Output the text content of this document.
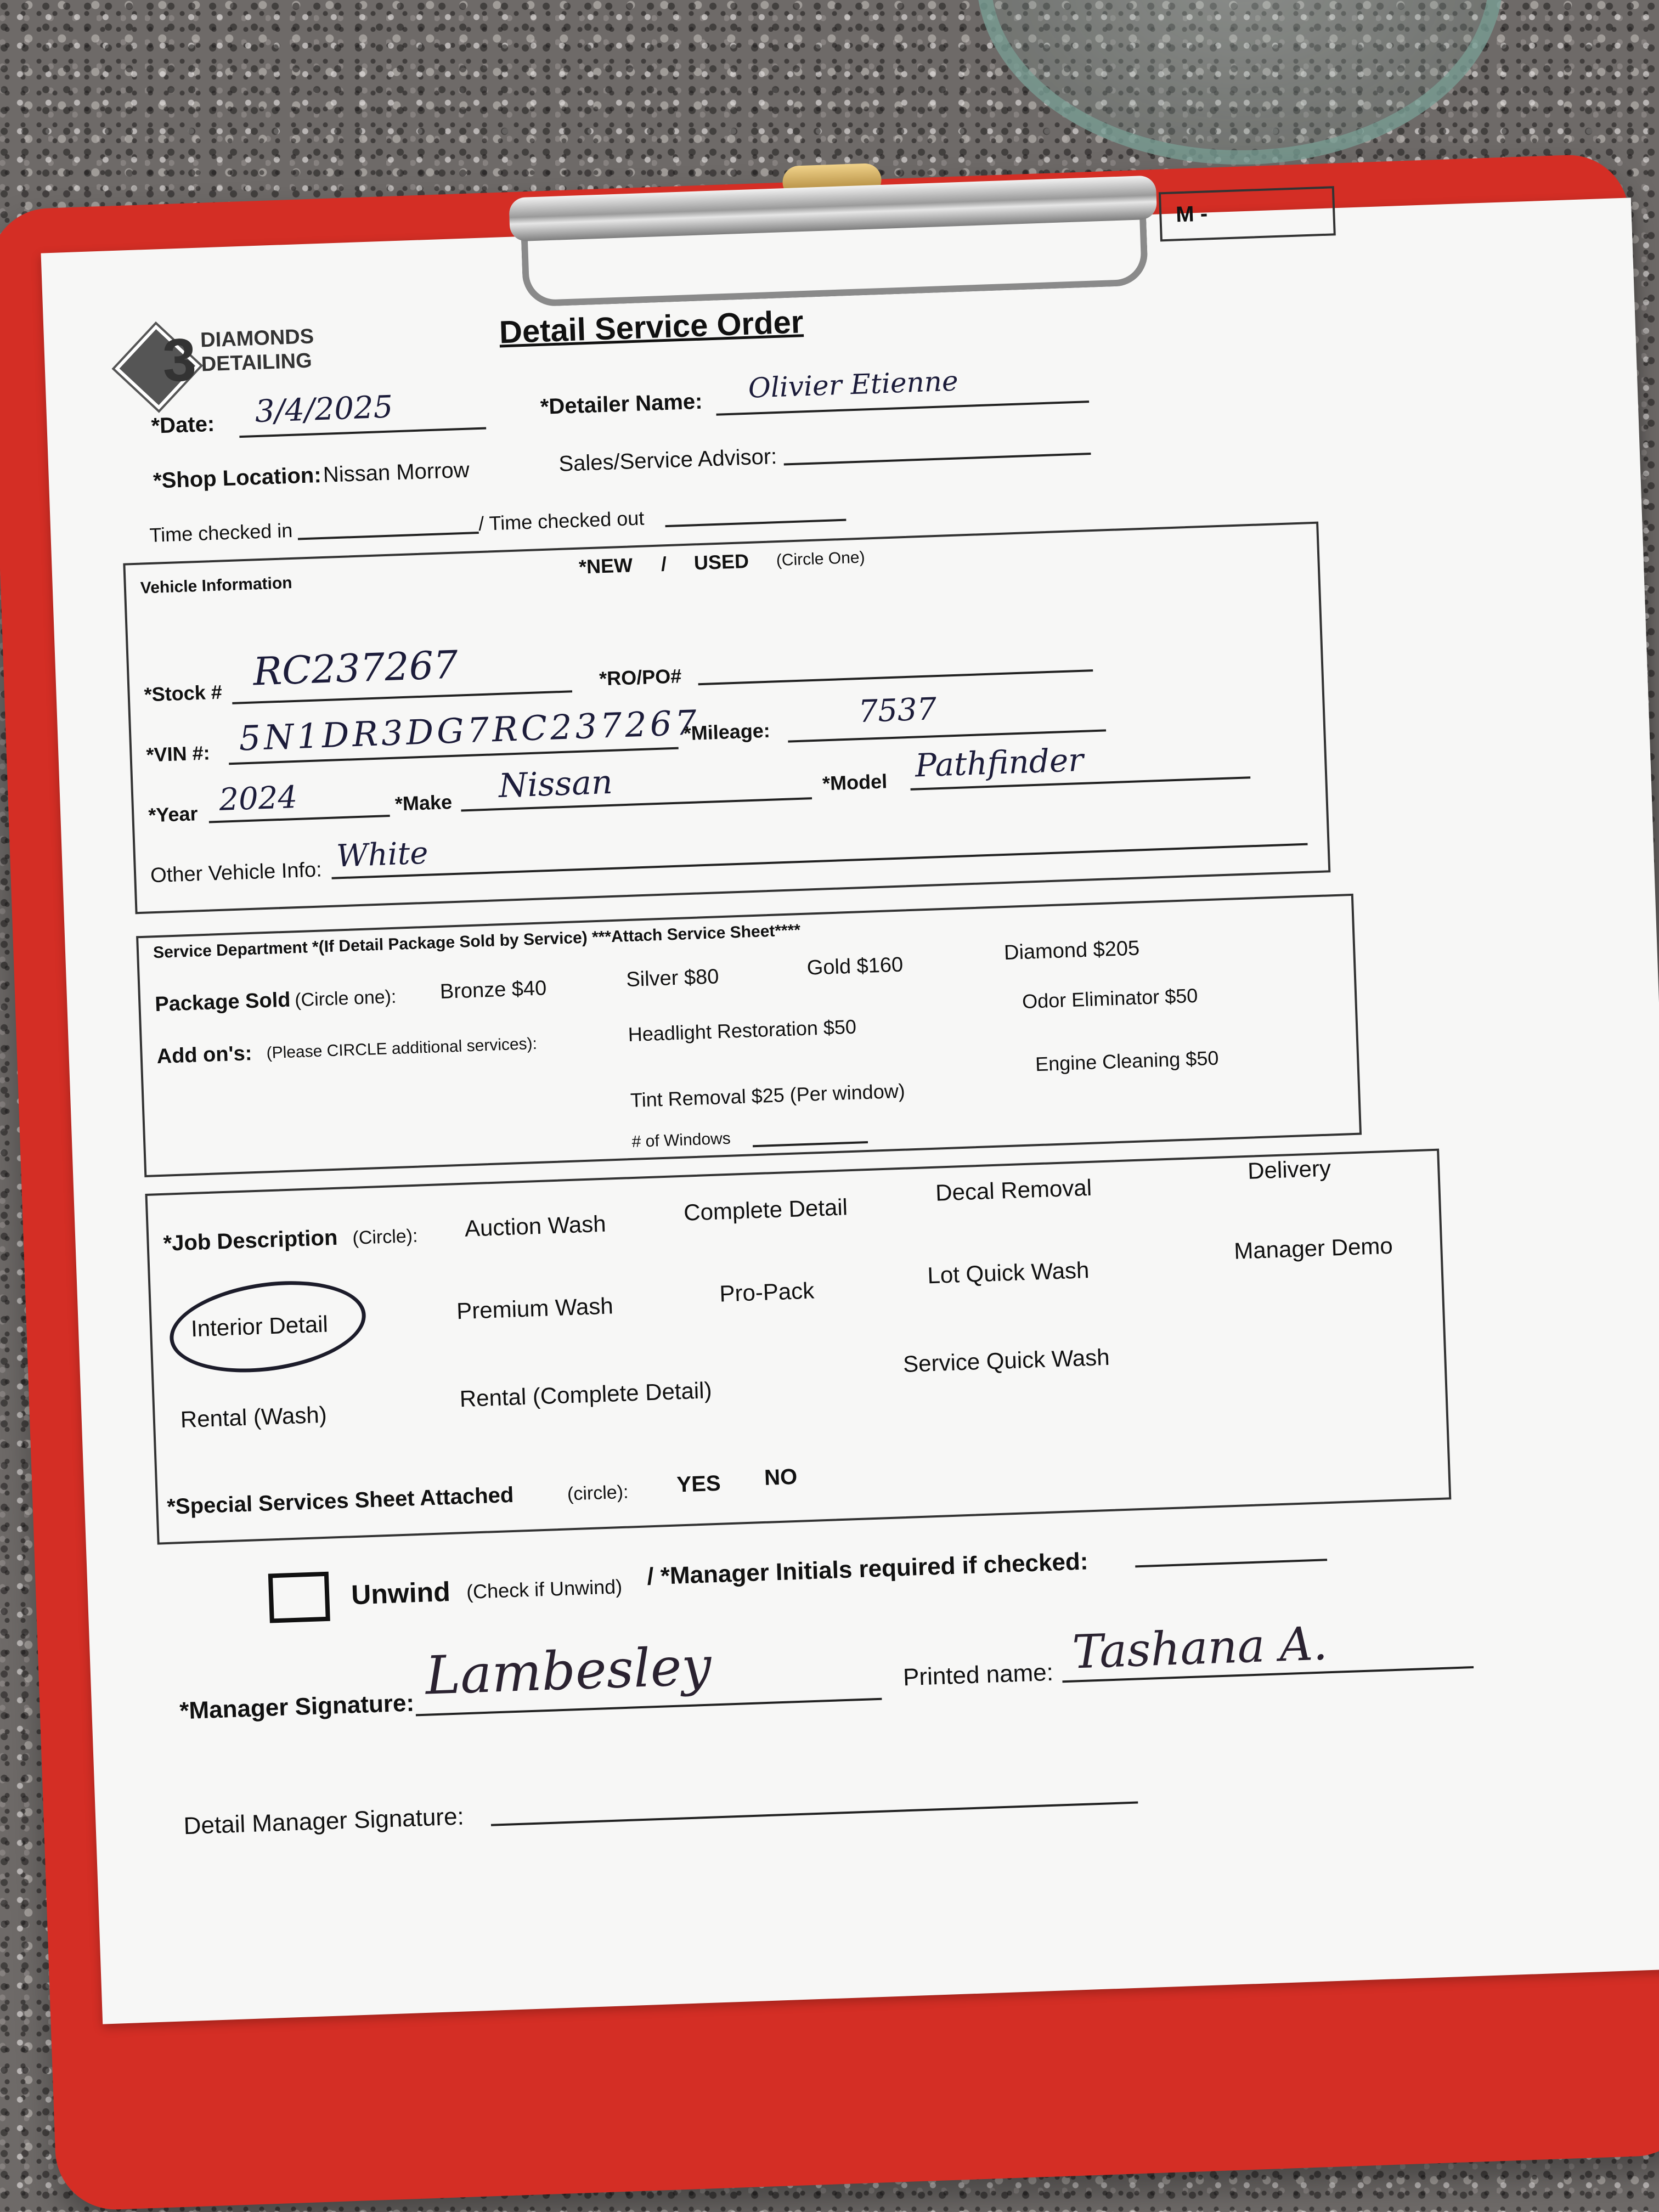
M -
3 DIAMONDS
DETAILING
Detail Service Order
*Date: 3/4/2025	*Detailer Name:
Olivier Etienne
*Shop Location: Nissan Morrow	Sales/Service Advisor:
Time checked in	/ Time checked out
Vehicle Information
*NEW / USED (Circle One)
*Stock # RC237267	*RO/PO#
*VIN #: 5N1DR3DG7RC237267
*Mileage:
7537
*Year 2024	*Make Nissan	*Model Pathfinder
Other Vehicle Info: White
Service Department *(If Detail Package Sold by Service) ***Attach Service Sheet****
Package Sold (Circle one): Bronze $40	Silver $80	Gold $160
Diamond $205
Add on's: (Please CIRCLE additional services):
Headlight Restoration $50
Odor Eliminator $50
Tint Removal $25 (Per window)
Engine Cleaning $50
# of Windows
*Job Description (Circle): Auction Wash
Complete Detail
Decal Removal
Delivery
Interior Detail
Premium Wash
Pro-Pack
Lot Quick Wash
Manager Demo
Rental (Wash)
Rental (Complete Detail)
Service Quick Wash
*Special Services Sheet Attached	(circle): YES NO
Unwind (Check if Unwind) / *Manager Initials required if checked:
*Manager Signature:
Lambesley	Printed name: Tashana A.
Detail Manager Signature:
